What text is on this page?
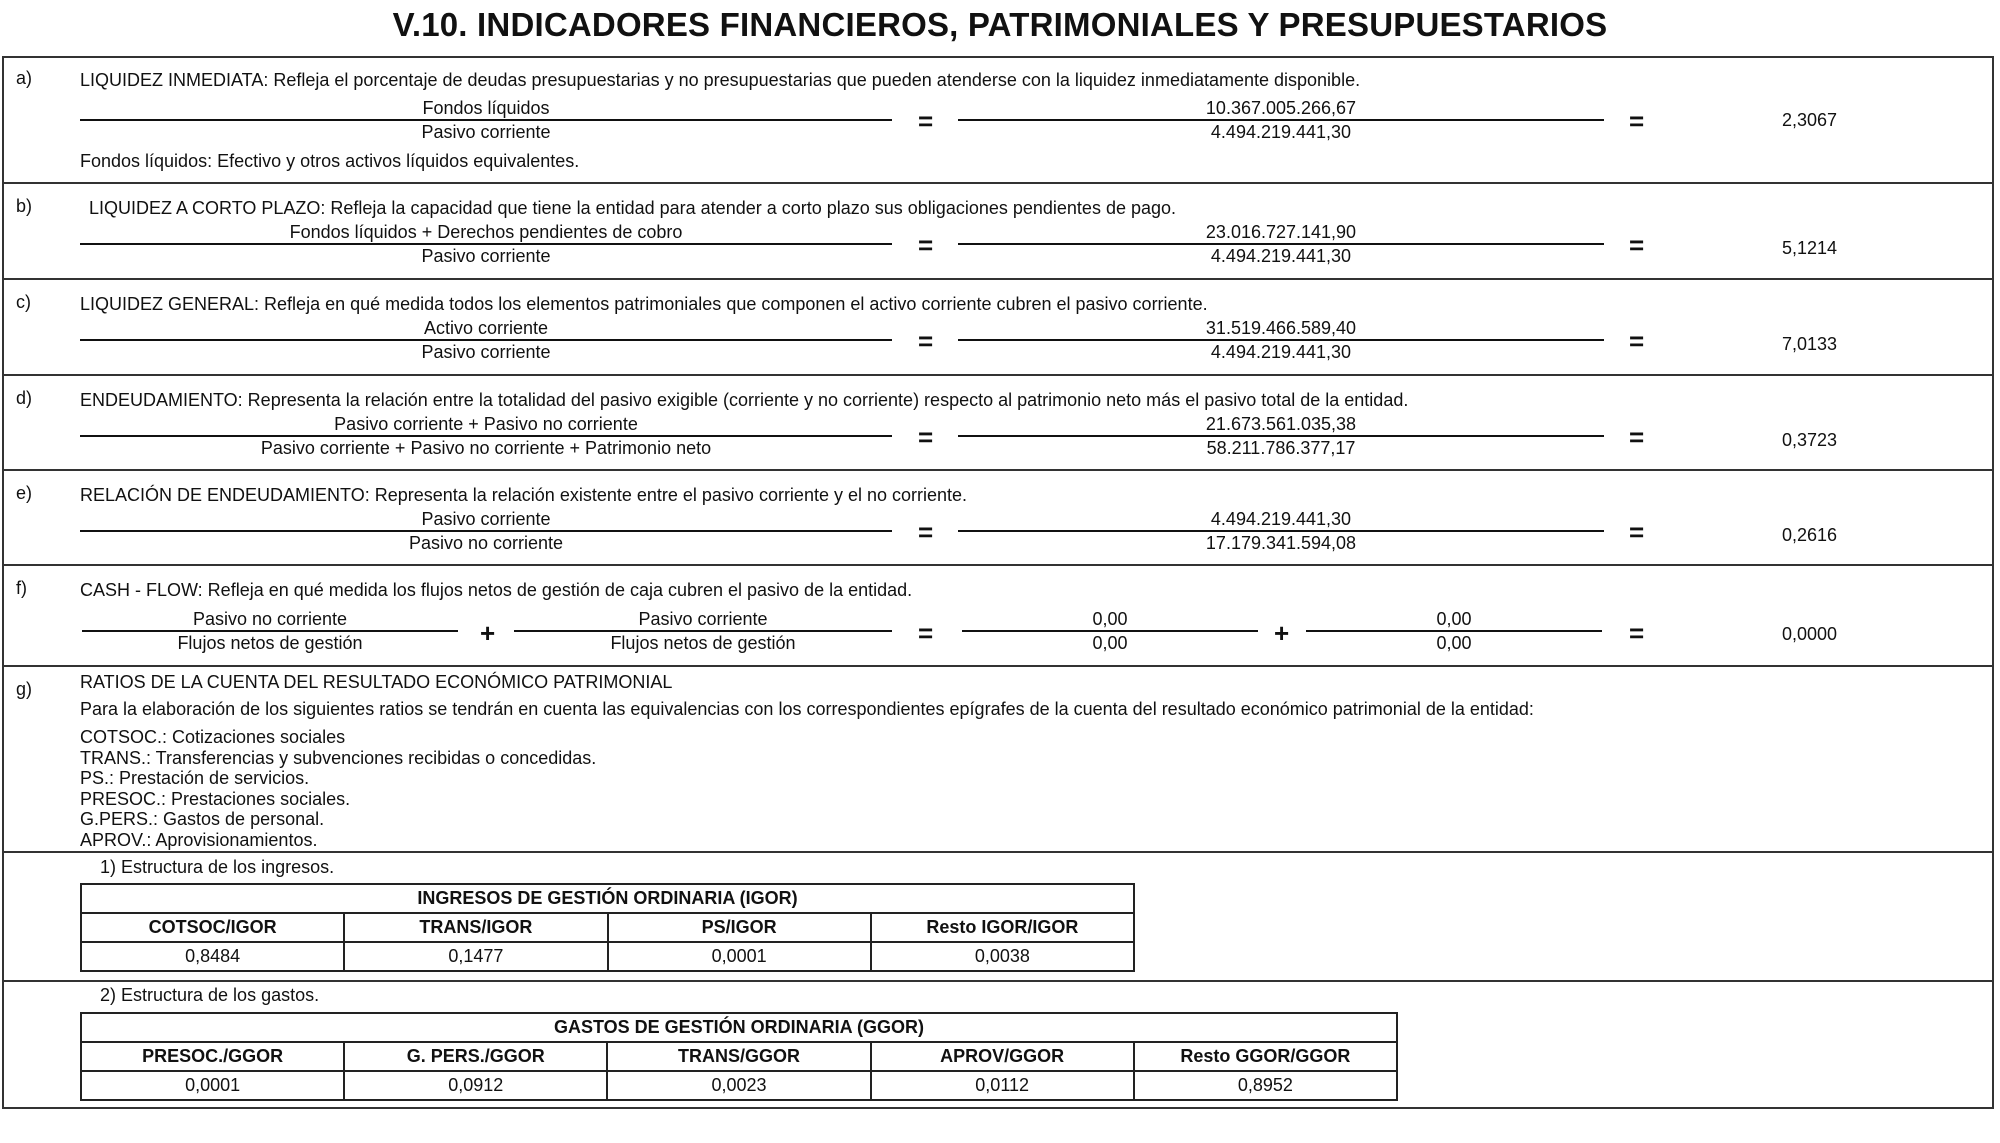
V.10. INDICADORES FINANCIEROS, PATRIMONIALES Y PRESUPUESTARIOS
a)	LIQUIDEZ INMEDIATA: Refleja el porcentaje de deudas presupuestarias y no presupuestarias que pueden atenderse con la liquidez inmediatamente disponible.
Fondos líquidos
Pasivo corriente	=	10.367.005.266,67
4.494.219.441,30	=	2,3067
Fondos líquidos: Efectivo y otros activos líquidos equivalentes.
b)	LIQUIDEZ A CORTO PLAZO: Refleja la capacidad que tiene la entidad para atender a corto plazo sus obligaciones pendientes de pago.
Fondos líquidos + Derechos pendientes de cobro
Pasivo corriente	=	23.016.727.141,90
4.494.219.441,30	=	5,1214
c)	LIQUIDEZ GENERAL: Refleja en qué medida todos los elementos patrimoniales que componen el activo corriente cubren el pasivo corriente.
Activo corriente
Pasivo corriente	=	31.519.466.589,40
4.494.219.441,30	=	7,0133
d)	ENDEUDAMIENTO: Representa la relación entre la totalidad del pasivo exigible (corriente y no corriente) respecto al patrimonio neto más el pasivo total de la entidad.
Pasivo corriente + Pasivo no corriente
Pasivo corriente + Pasivo no corriente + Patrimonio neto	=	21.673.561.035,38
58.211.786.377,17	=	0,3723
e)	RELACIÓN DE ENDEUDAMIENTO: Representa la relación existente entre el pasivo corriente y el no corriente.
Pasivo corriente
Pasivo no corriente	=	4.494.219.441,30
17.179.341.594,08	=	0,2616
f)	CASH - FLOW: Refleja en qué medida los flujos netos de gestión de caja cubren el pasivo de la entidad.
Pasivo no corriente
Flujos netos de gestión	+	Pasivo corriente
Flujos netos de gestión	=	0,00
0,00	+	0,00
0,00	=	0,0000
g)	RATIOS DE LA CUENTA DEL RESULTADO ECONÓMICO PATRIMONIAL
Para la elaboración de los siguientes ratios se tendrán en cuenta las equivalencias con los correspondientes epígrafes de la cuenta del resultado económico patrimonial de la entidad:
COTSOC.: Cotizaciones sociales
TRANS.: Transferencias y subvenciones recibidas o concedidas.
PS.: Prestación de servicios.
PRESOC.: Prestaciones sociales.
G.PERS.: Gastos de personal.
APROV.: Aprovisionamientos.
1) Estructura de los ingresos.
INGRESOS DE GESTIÓN ORDINARIA (IGOR)			
COTSOC/IGOR	TRANS/IGOR	PS/IGOR	Resto IGOR/IGOR
0,8484	0,1477	0,0001	0,0038
2) Estructura de los gastos.
GASTOS DE GESTIÓN ORDINARIA (GGOR)				
PRESOC./GGOR	G. PERS./GGOR	TRANS/GGOR	APROV/GGOR	Resto GGOR/GGOR
0,0001	0,0912	0,0023	0,0112	0,8952
